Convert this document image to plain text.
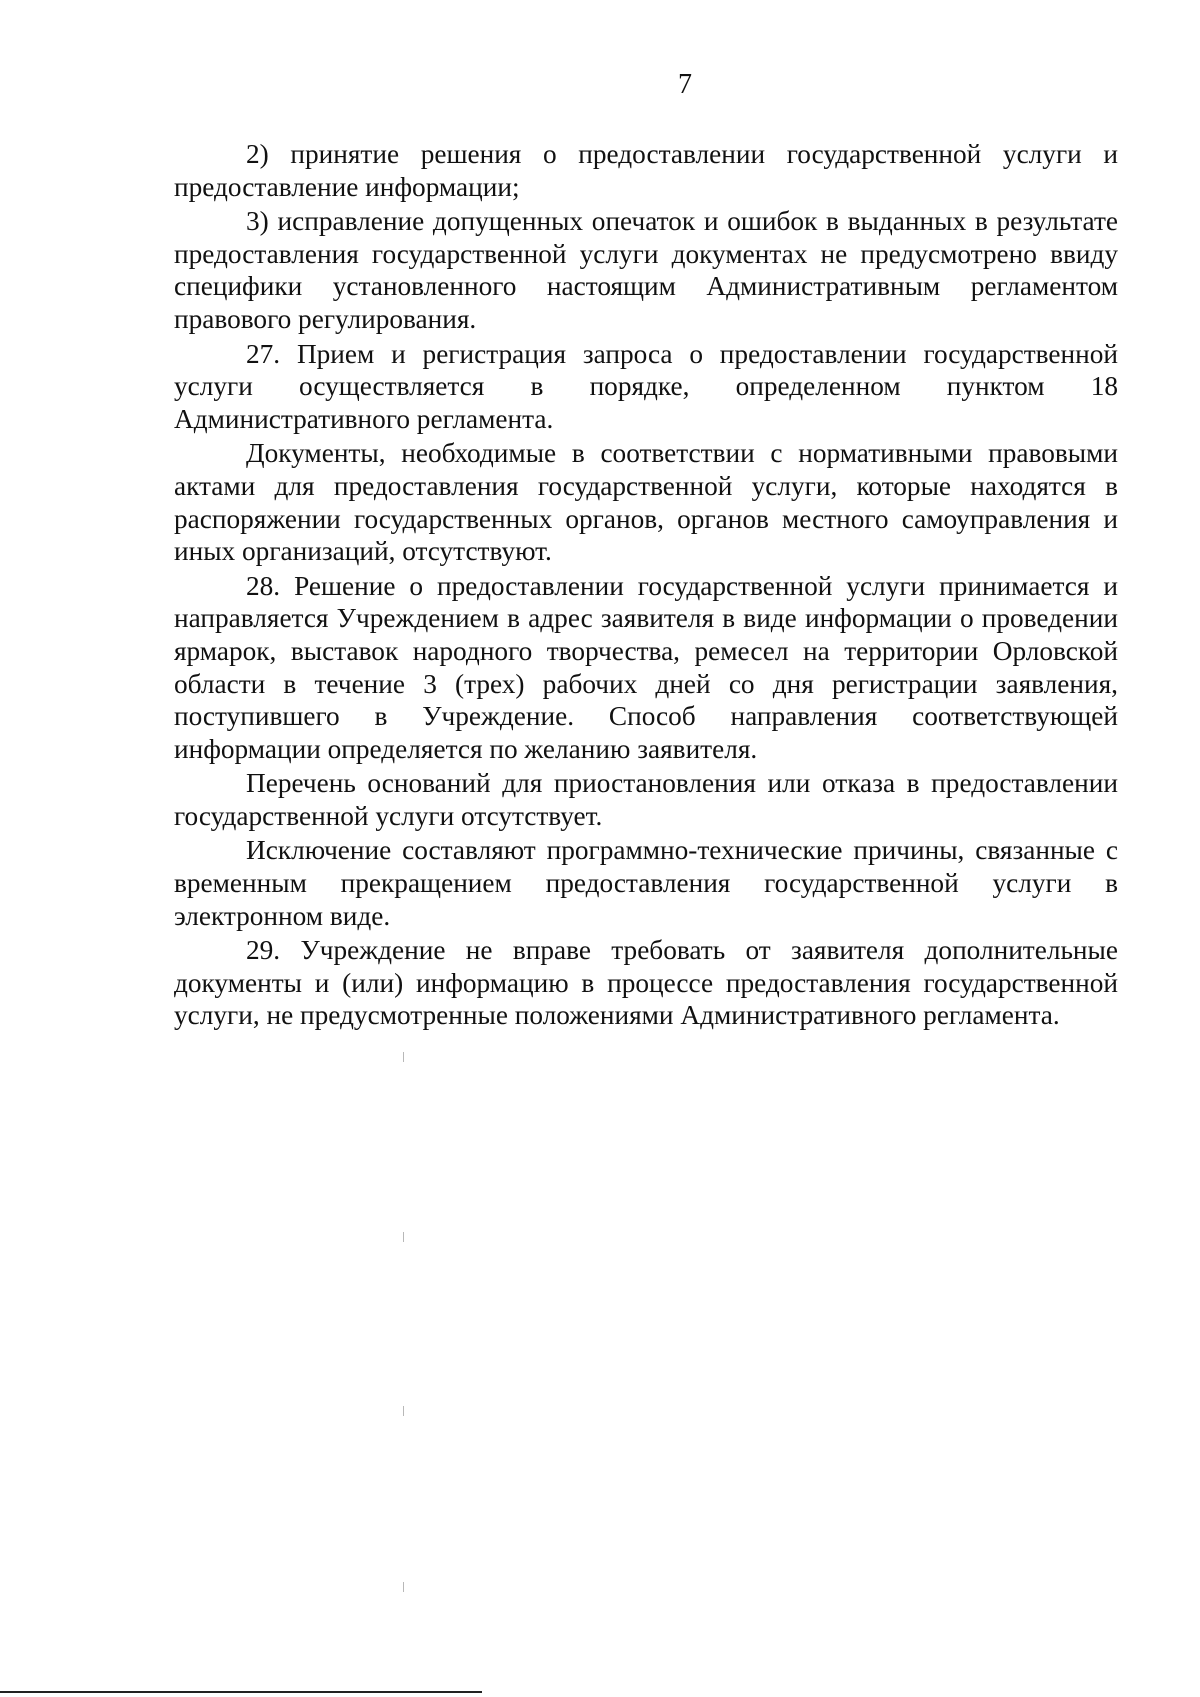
7

2) принятие решения о предоставлении государственной услуги и предоставление информации;

3) исправление допущенных опечаток и ошибок в выданных в результате предоставления государственной услуги документах не предусмотрено ввиду специфики установленного настоящим Административным регламентом правового регулирования.

27. Прием и регистрация запроса о предоставлении государственной услуги осуществляется в порядке, определенном пунктом 18 Административного регламента.

Документы, необходимые в соответствии с нормативными правовыми актами для предоставления государственной услуги, которые находятся в распоряжении государственных органов, органов местного самоуправления и иных организаций, отсутствуют.

28. Решение о предоставлении государственной услуги принимается и направляется Учреждением в адрес заявителя в виде информации о проведении ярмарок, выставок народного творчества, ремесел на территории Орловской области в течение 3 (трех) рабочих дней со дня регистрации заявления, поступившего в Учреждение. Способ направления соответствующей информации определяется по желанию заявителя.

Перечень оснований для приостановления или отказа в предоставлении государственной услуги отсутствует.

Исключение составляют программно-технические причины, связанные с временным прекращением предоставления государственной услуги в электронном виде.

29. Учреждение не вправе требовать от заявителя дополнительные документы и (или) информацию в процессе предоставления государственной услуги, не предусмотренные положениями Административного регламента.
